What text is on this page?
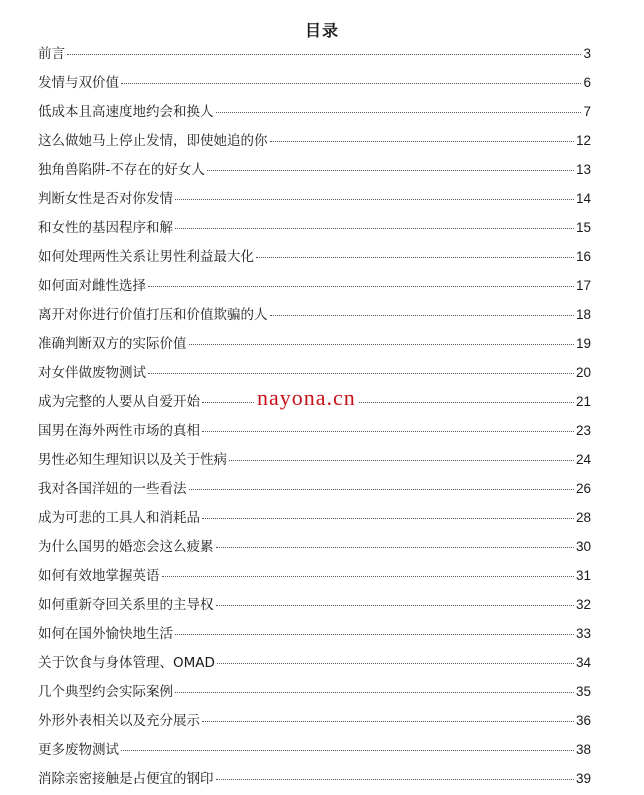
目录
前言	3
发情与双价值	6
低成本且高速度地约会和换人	7
这么做她马上停止发情，即使她追的你	12
独角兽陷阱-不存在的好女人	13
判断女性是否对你发情	14
和女性的基因程序和解	15
如何处理两性关系让男性利益最大化	16
如何面对雌性选择	17
离开对你进行价值打压和价值欺骗的人	18
准确判断双方的实际价值	19
对女伴做废物测试	20
成为完整的人要从自爱开始	21
国男在海外两性市场的真相	23
男性必知生理知识以及关于性病	24
我对各国洋妞的一些看法	26
成为可悲的工具人和消耗品	28
为什么国男的婚恋会这么疲累	30
如何有效地掌握英语	31
如何重新夺回关系里的主导权	32
如何在国外愉快地生活	33
关于饮食与身体管理、OMAD	34
几个典型约会实际案例	35
外形外表相关以及充分展示	36
更多废物测试	38
消除亲密接触是占便宜的钢印	39
nayona.cn
